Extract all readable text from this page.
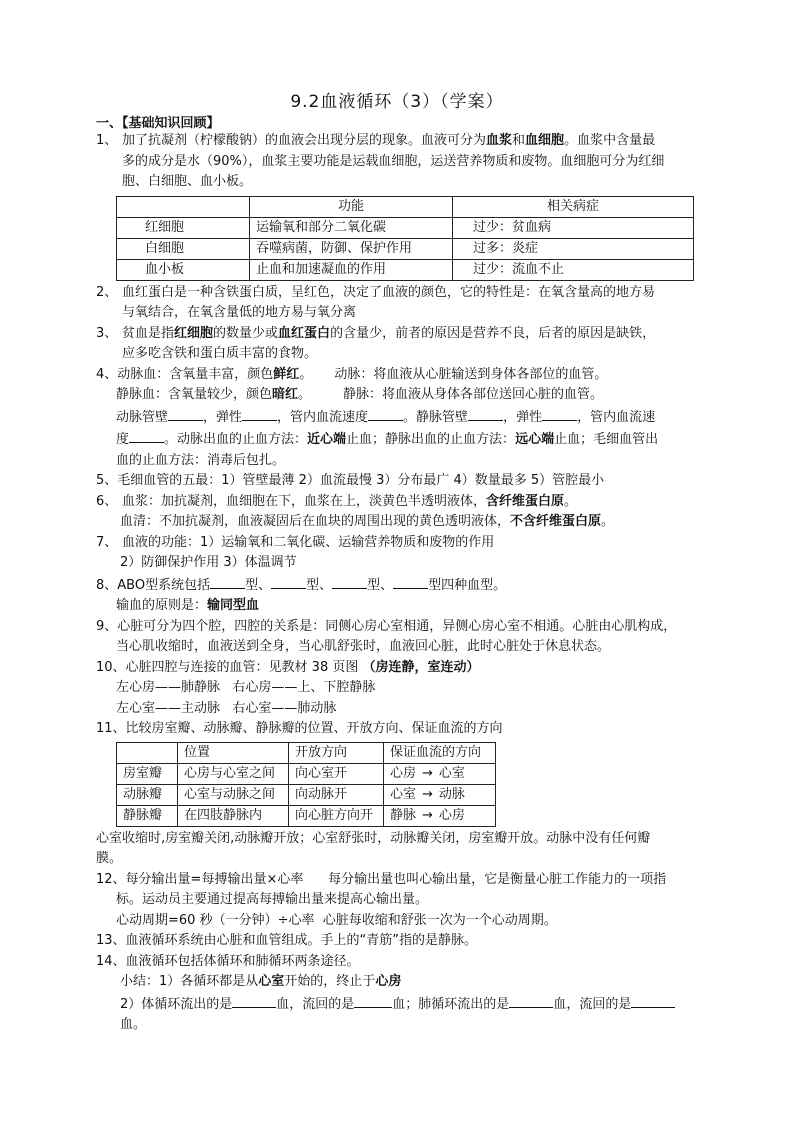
9.2血液循环（3）（学案）
一、【基础知识回顾】
1、 加了抗凝剂（柠檬酸钠）的血液会出现分层的现象。血液可分为血浆和血细胞。血浆中含量最
多的成分是水（90%），血浆主要功能是运载血细胞，运送营养物质和废物。血细胞可分为红细
胞、白细胞、血小板。
	功能	相关病症
红细胞	运输氧和部分二氧化碳	过少：贫血病
白细胞	吞噬病菌，防御、保护作用	过多：炎症
血小板	止血和加速凝血的作用	过少：流血不止
2、 血红蛋白是一种含铁蛋白质，呈红色，决定了血液的颜色，它的特性是：在氧含量高的地方易
与氧结合，在氧含量低的地方易与氧分离
3、 贫血是指红细胞的数量少或血红蛋白的含量少，前者的原因是营养不良，后者的原因是缺铁，
应多吃含铁和蛋白质丰富的食物。
4、动脉血：含氧量丰富，颜色鲜红。 动脉：将血液从心脏输送到身体各部位的血管。
静脉血：含氧量较少，颜色暗红。 静脉：将血液从身体各部位送回心脏的血管。
动脉管壁	，弹性	，管内血流速度	。静脉管壁	，弹性	，管内血流速
度	。动脉出血的止血方法：近心端止血；静脉出血的止血方法：远心端止血；毛细血管出
血的止血方法：消毒后包扎。
5、毛细血管的五最：1）管壁最薄 2）血流最慢 3）分布最广 4）数量最多 5）管腔最小
6、 血浆：加抗凝剂，血细胞在下，血浆在上，淡黄色半透明液体，含纤维蛋白原。
血清：不加抗凝剂，血液凝固后在血块的周围出现的黄色透明液体，不含纤维蛋白原。
7、 血液的功能：1）运输氧和二氧化碳、运输营养物质和废物的作用
2）防御保护作用 3）体温调节
8、ABO型系统包括	型、	型、	型、	型四种血型。
输血的原则是：输同型血
9、心脏可分为四个腔，四腔的关系是：同侧心房心室相通，异侧心房心室不相通。心脏由心肌构成，
当心肌收缩时，血液送到全身，当心肌舒张时，血液回心脏，此时心脏处于休息状态。
10、心脏四腔与连接的血管：见教材 38 页图 （房连静，室连动）
左心房——肺静脉   右心房——上、下腔静脉
左心室——主动脉   右心室——肺动脉
11、比较房室瓣、动脉瓣、静脉瓣的位置、开放方向、保证血流的方向
	位置	开放方向	保证血流的方向
房室瓣	心房与心室之间	向心室开	心房 → 心室
动脉瓣	心室与动脉之间	向动脉开	心室 → 动脉
静脉瓣	在四肢静脉内	向心脏方向开	静脉 → 心房
心室收缩时,房室瓣关闭,动脉瓣开放；心室舒张时，动脉瓣关闭，房室瓣开放。动脉中没有任何瓣
膜。
12、每分输出量=每搏输出量×心率      每分输出量也叫心输出量，它是衡量心脏工作能力的一项指
标。运动员主要通过提高每搏输出量来提高心输出量。
心动周期=60 秒（一分钟）÷心率  心脏每收缩和舒张一次为一个心动周期。
13、血液循环系统由心脏和血管组成。手上的“青筋”指的是静脉。
14、血液循环包括体循环和肺循环两条途径。
小结：1）各循环都是从心室开始的，终止于心房
2）体循环流出的是	血，流回的是	血；肺循环流出的是	血，流回的是血。
